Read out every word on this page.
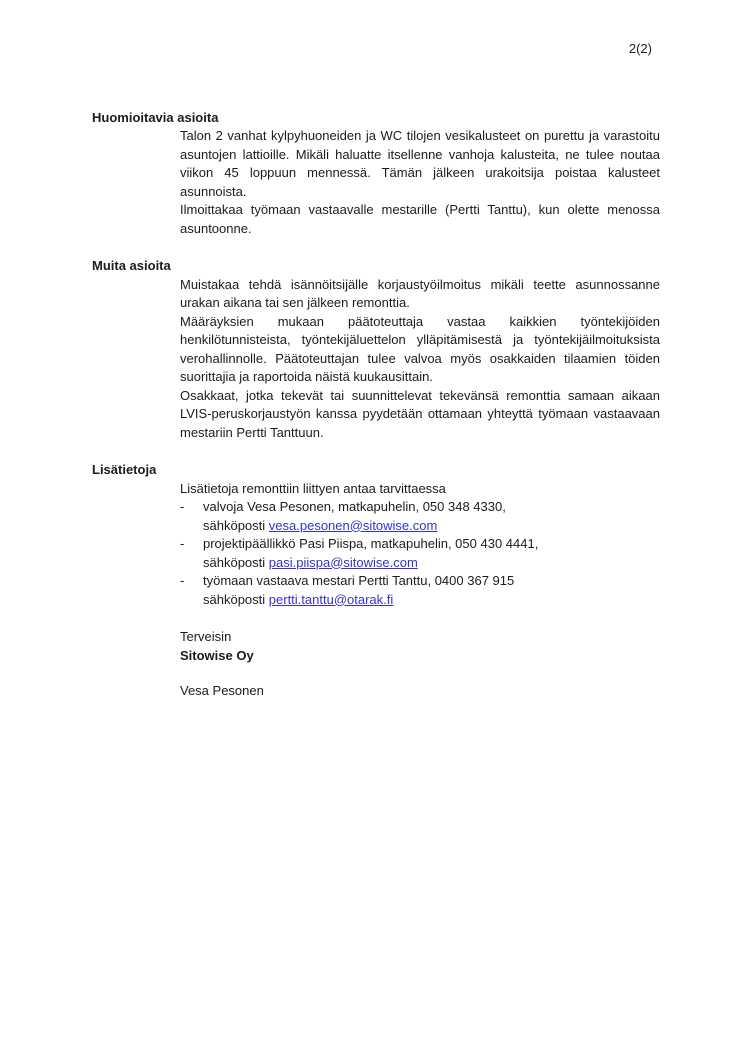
2(2)
Huomioitavia asioita

Talon 2 vanhat kylpyhuoneiden ja WC tilojen vesikalusteet on purettu ja varastoitu asuntojen lattioille. Mikäli haluatte itsellenne vanhoja kalusteita, ne tulee noutaa viikon 45 loppuun mennessä. Tämän jälkeen urakoitsija poistaa kalusteet asunnoista.

Ilmoittakaa työmaan vastaavalle mestarille (Pertti Tanttu), kun olette menossa asuntoonne.

Muita asioita

Muistakaa tehdä isännöitsijälle korjaustyöilmoitus mikäli teette asunnossanne urakan aikana tai sen jälkeen remonttia.

Määräyksien mukaan päätoteuttaja vastaa kaikkien työntekijöiden henkilötunnisteista, työntekijäluettelon ylläpitämisestä ja työntekijäilmoituksista verohallinnolle. Päätoteuttajan tulee valvoa myös osakkaiden tilaamien töiden suorittajia ja raportoida näistä kuukausittain.

Osakkaat, jotka tekevät tai suunnittelevat tekevänsä remonttia samaan aikaan LVIS-peruskorjaustyön kanssa pyydetään ottamaan yhteyttä työmaan vastaavaan mestariin Pertti Tanttuun.

Lisätietoja

Lisätietoja remonttiin liittyen antaa tarvittaessa

-	valvoja Vesa Pesonen, matkapuhelin, 050 348 4330,
sähköposti vesa.pesonen@sitowise.com
-	projektipäällikkö Pasi Piispa, matkapuhelin, 050 430 4441,
sähköposti pasi.piispa@sitowise.com
-	työmaan vastaava mestari Pertti Tanttu, 0400 367 915
sähköposti pertti.tanttu@otarak.fi

Terveisin

Sitowise Oy

Vesa Pesonen
